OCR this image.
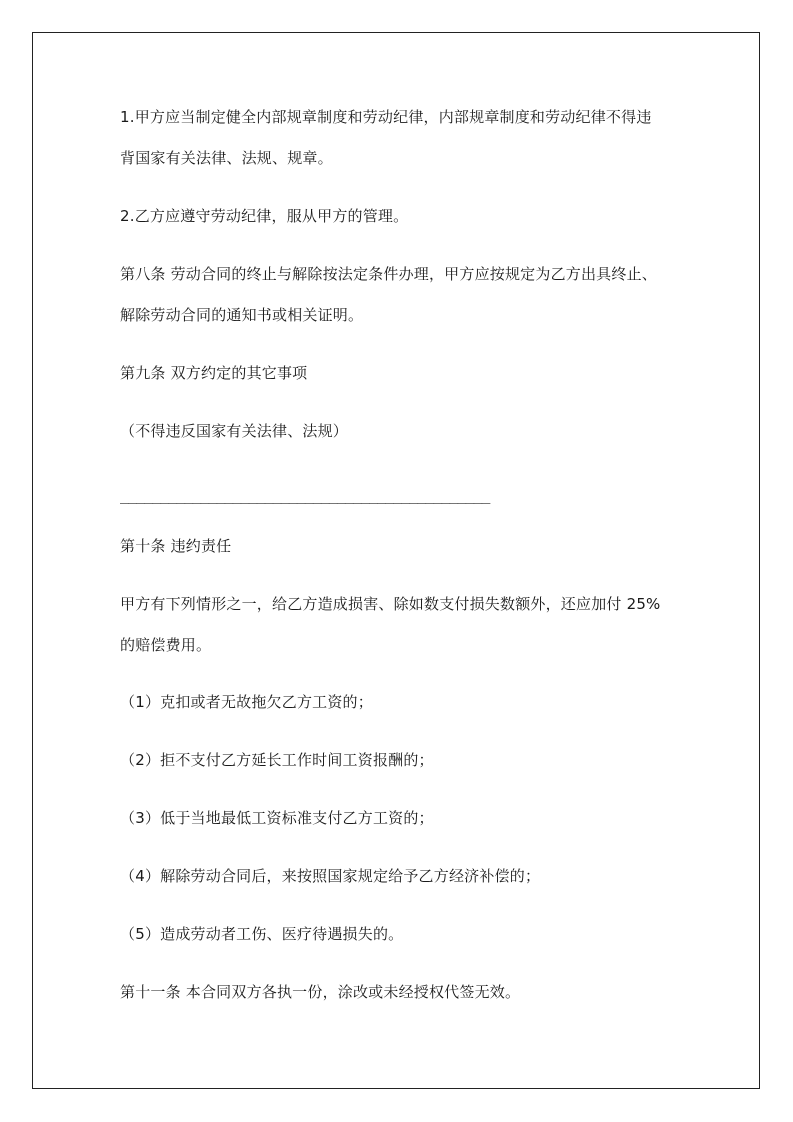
1.甲方应当制定健全内部规章制度和劳动纪律，内部规章制度和劳动纪律不得违
背国家有关法律、法规、规章。
2.乙方应遵守劳动纪律，服从甲方的管理。
第八条 劳动合同的终止与解除按法定条件办理，甲方应按规定为乙方出具终止、
解除劳动合同的通知书或相关证明。
第九条 双方约定的其它事项
（不得违反国家有关法律、法规）
______________________________________________
第十条 违约责任
甲方有下列情形之一，给乙方造成损害、除如数支付损失数额外，还应加付 25%
的赔偿费用。
（1）克扣或者无故拖欠乙方工资的；
（2）拒不支付乙方延长工作时间工资报酬的；
（3）低于当地最低工资标准支付乙方工资的；
（4）解除劳动合同后，来按照国家规定给予乙方经济补偿的；
（5）造成劳动者工伤、医疗待遇损失的。
第十一条 本合同双方各执一份，涂改或未经授权代签无效。
